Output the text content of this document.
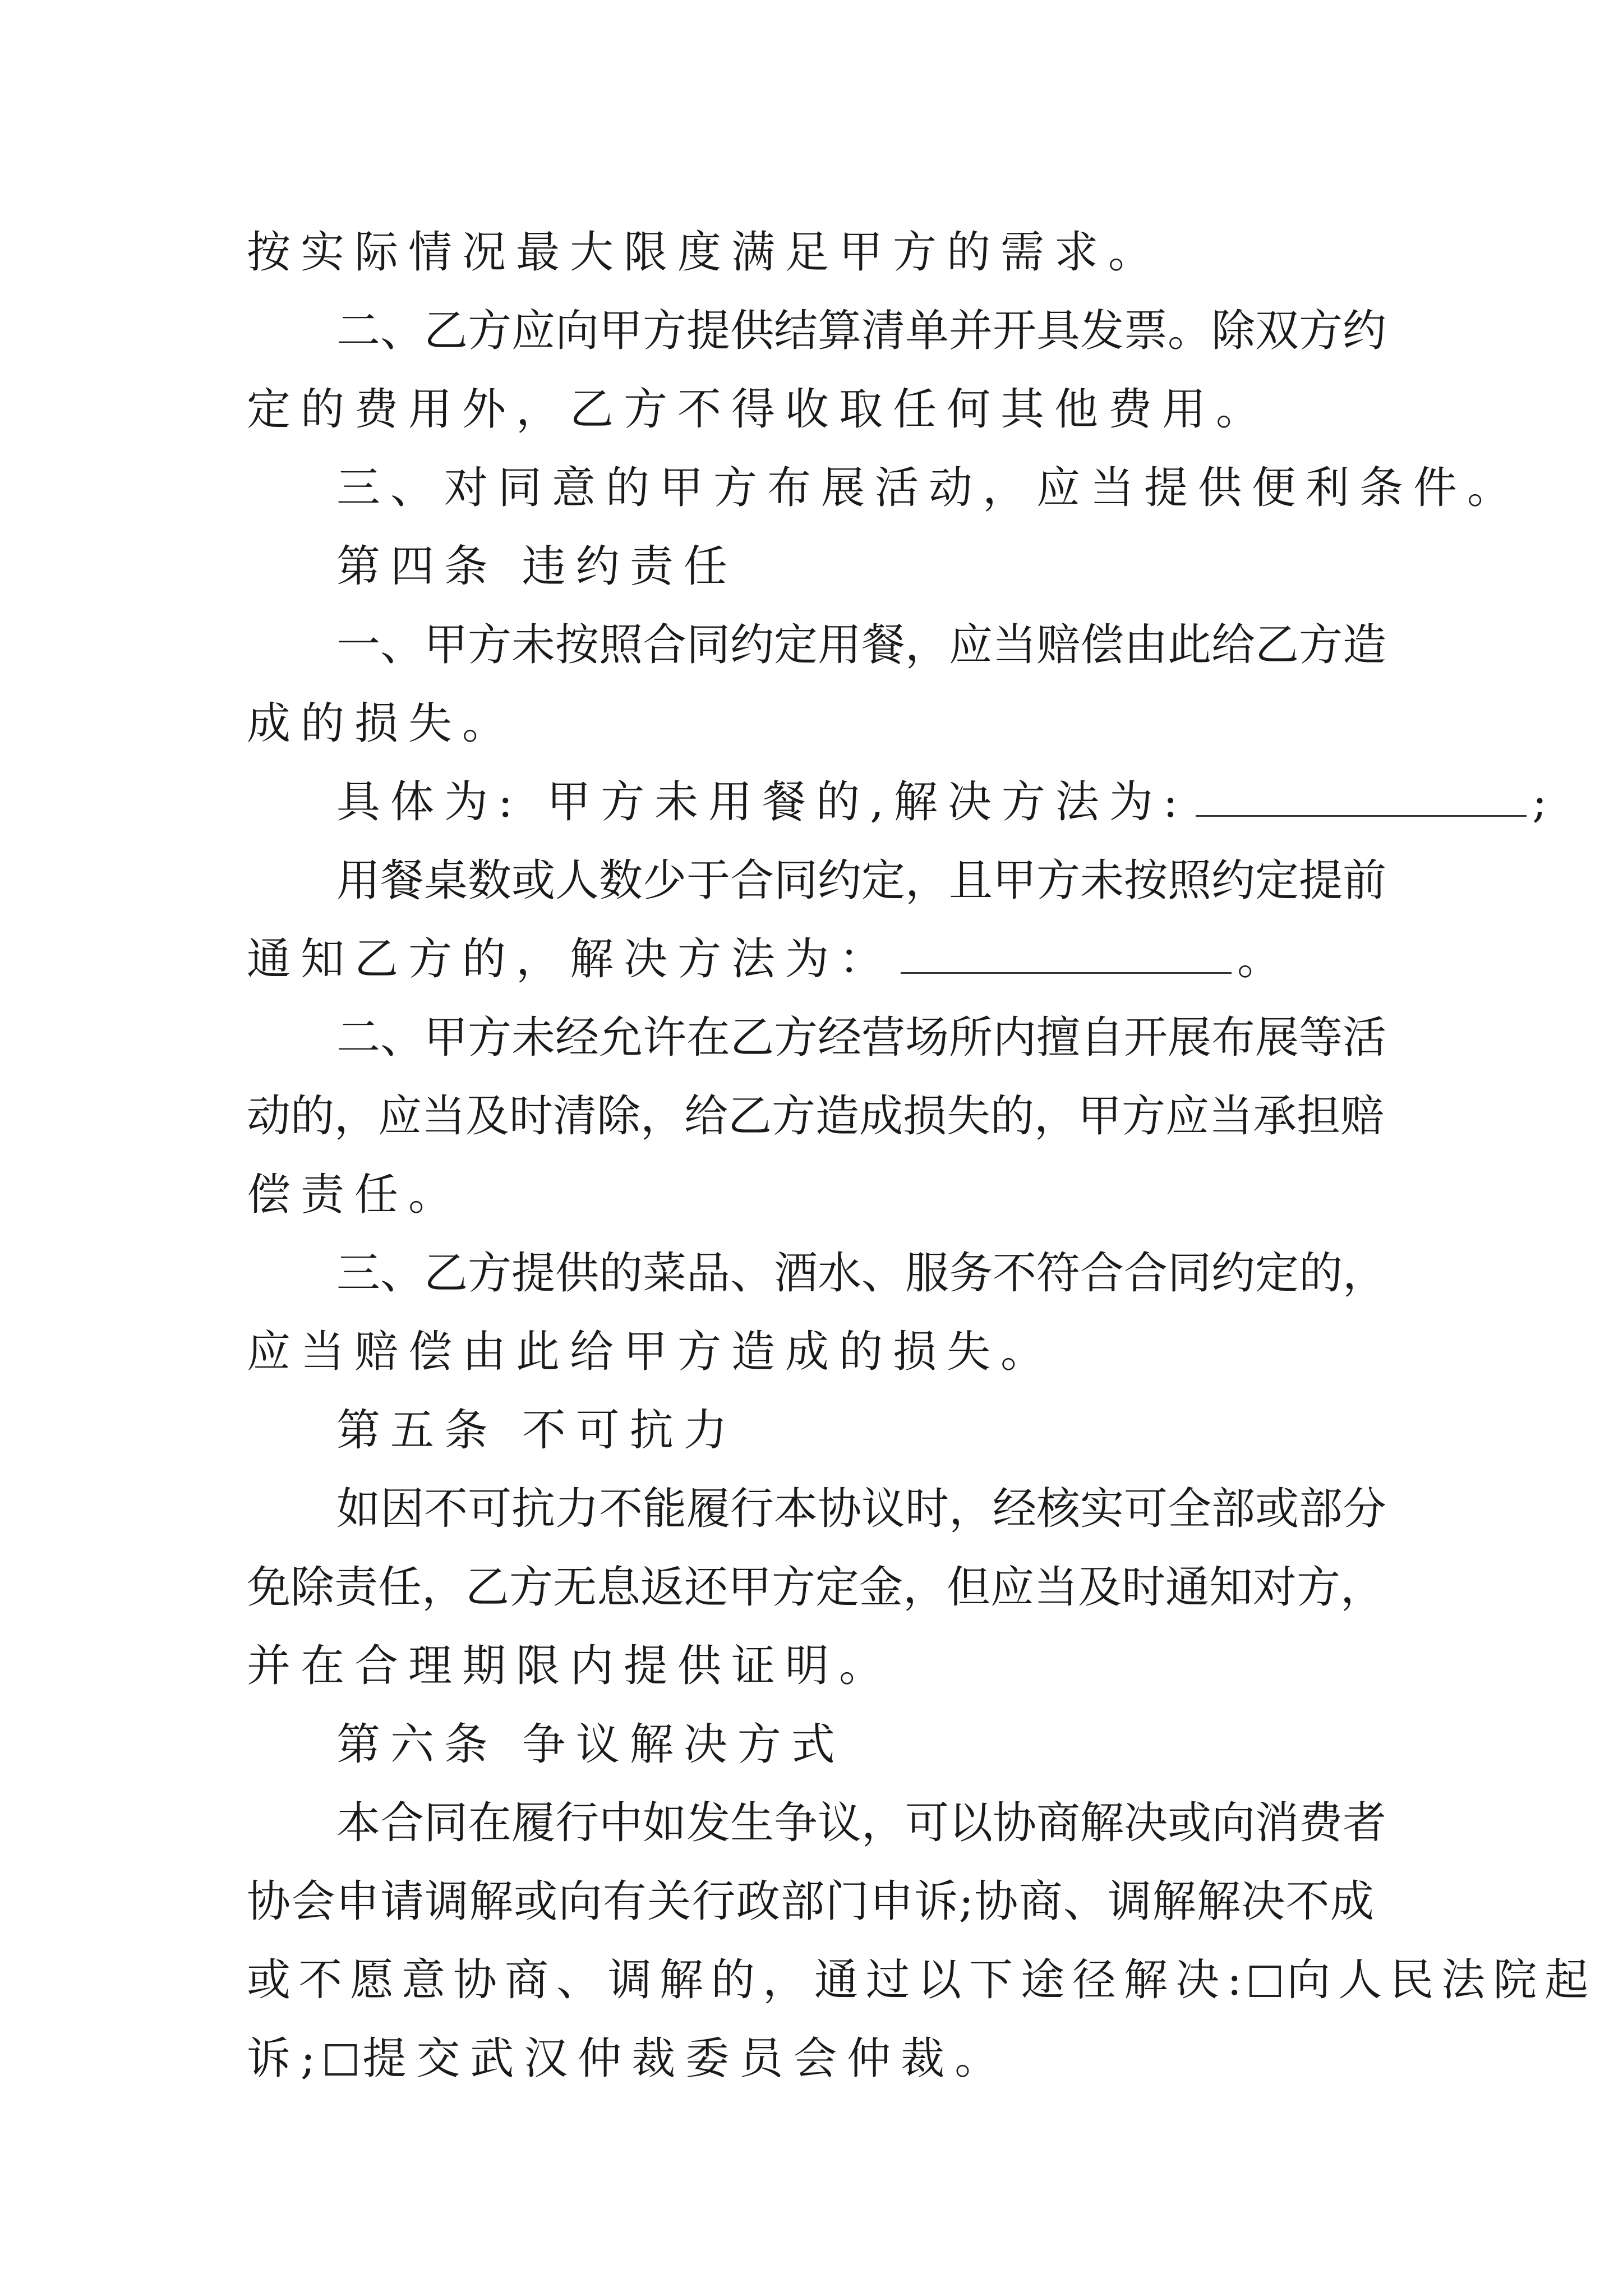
按实际情况最大限度满足甲方的需求。
二、乙方应向甲方提供结算清单并开具发票。除双方约
定的费用外，乙方不得收取任何其他费用。
三、对同意的甲方布展活动，应当提供便利条件。
第四条 违约责任
一、甲方未按照合同约定用餐，应当赔偿由此给乙方造
成的损失。
具体为: 甲方未用餐的,解决方法为:	;
用餐桌数或人数少于合同约定，且甲方未按照约定提前
通知乙方的，解决方法为：	。
二、甲方未经允许在乙方经营场所内擅自开展布展等活
动的，应当及时清除，给乙方造成损失的，甲方应当承担赔
偿责任。
三、乙方提供的菜品、酒水、服务不符合合同约定的，
应当赔偿由此给甲方造成的损失。
第五条 不可抗力
如因不可抗力不能履行本协议时，经核实可全部或部分
免除责任，乙方无息返还甲方定金，但应当及时通知对方，
并在合理期限内提供证明。
第六条 争议解决方式
本合同在履行中如发生争议，可以协商解决或向消费者
协会申请调解或向有关行政部门申诉;协商、调解解决不成
或不愿意协商、调解的，通过以下途径解决: 向人民法院起
诉; 提交武汉仲裁委员会仲裁。
